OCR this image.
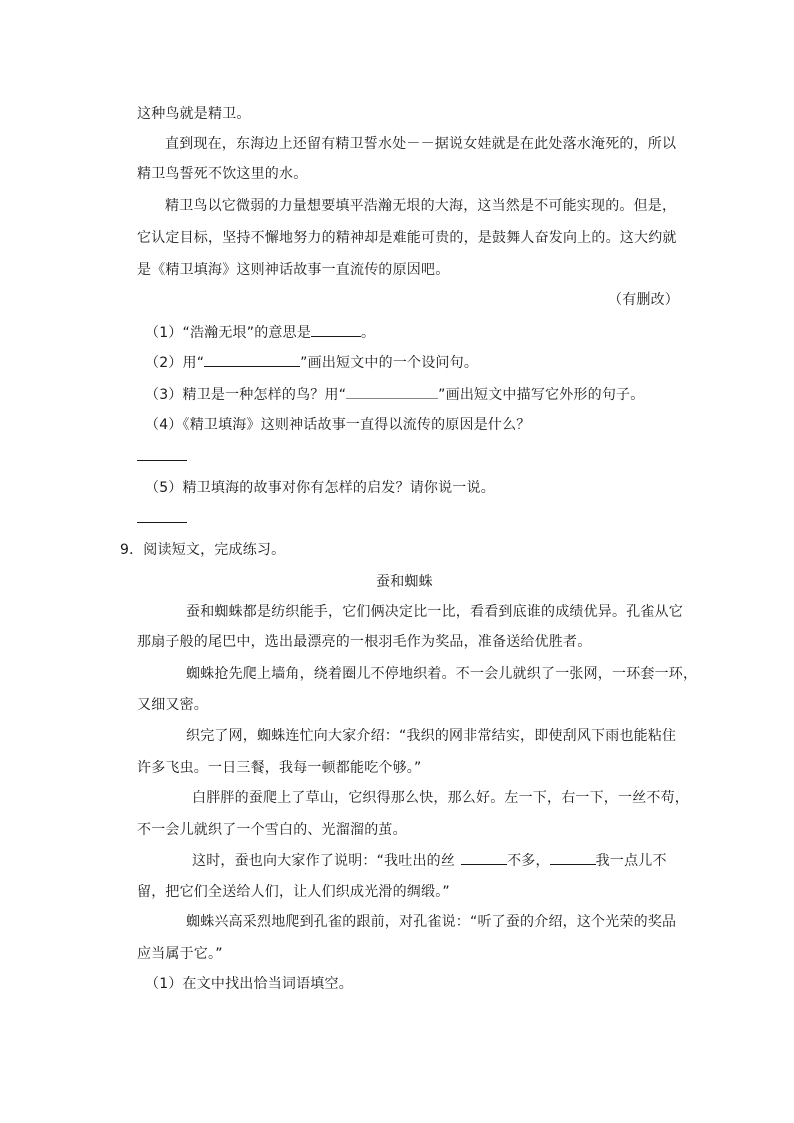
这种鸟就是精卫。
直到现在，东海边上还留有精卫誓水处－－据说女娃就是在此处落水淹死的，所以
精卫鸟誓死不饮这里的水。
精卫鸟以它微弱的力量想要填平浩瀚无垠的大海，这当然是不可能实现的。但是，
它认定目标，坚持不懈地努力的精神却是难能可贵的，是鼓舞人奋发向上的。这大约就
是《精卫填海》这则神话故事一直流传的原因吧。
（有删改）
（1）“浩瀚无垠”的意思是	。
（2）用“	”画出短文中的一个设问句。
（3）精卫是一种怎样的鸟？用“	”画出短文中描写它外形的句子。
（4）《精卫填海》这则神话故事一直得以流传的原因是什么？
（5）精卫填海的故事对你有怎样的启发？请你说一说。
9．阅读短文，完成练习。
蚕和蜘蛛
蚕和蜘蛛都是纺织能手，它们俩决定比一比，看看到底谁的成绩优异。孔雀从它
那扇子般的尾巴中，选出最漂亮的一根羽毛作为奖品，准备送给优胜者。
蜘蛛抢先爬上墙角，绕着圈儿不停地织着。不一会儿就织了一张网，一环套一环，
又细又密。
织完了网，蜘蛛连忙向大家介绍：“我织的网非常结实，即使刮风下雨也能粘住
许多飞虫。一日三餐，我每一顿都能吃个够。”
白胖胖的蚕爬上了草山，它织得那么快，那么好。左一下，右一下，一丝不苟，
不一会儿就织了一个雪白的、光溜溜的茧。
这时，蚕也向大家作了说明：“我吐出的丝	不多，	我一点儿不
留，把它们全送给人们，让人们织成光滑的绸缎。”
蜘蛛兴高采烈地爬到孔雀的跟前，对孔雀说：“听了蚕的介绍，这个光荣的奖品
应当属于它。”
（1）在文中找出恰当词语填空。
